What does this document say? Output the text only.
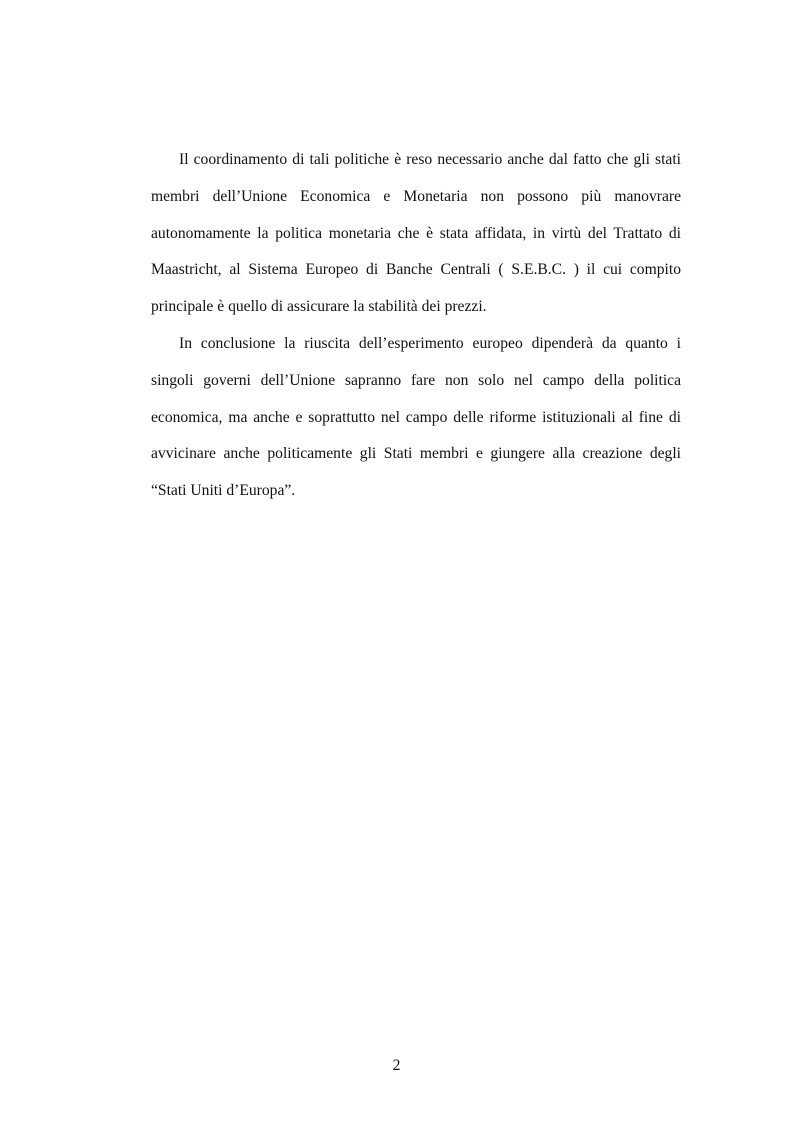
Il coordinamento di tali politiche è reso necessario anche dal fatto che gli stati membri dell’Unione Economica e Monetaria non possono più manovrare autonomamente la politica monetaria che è stata affidata, in virtù del Trattato di Maastricht, al Sistema Europeo di Banche Centrali ( S.E.B.C. ) il cui compito principale è quello di assicurare la stabilità dei prezzi.

In conclusione la riuscita dell’esperimento europeo dipenderà da quanto i singoli governi dell’Unione sapranno fare non solo nel campo della politica economica, ma anche e soprattutto nel campo delle riforme istituzionali al fine di avvicinare anche politicamente gli Stati membri e giungere alla creazione degli “Stati Uniti d’Europa”.

2
